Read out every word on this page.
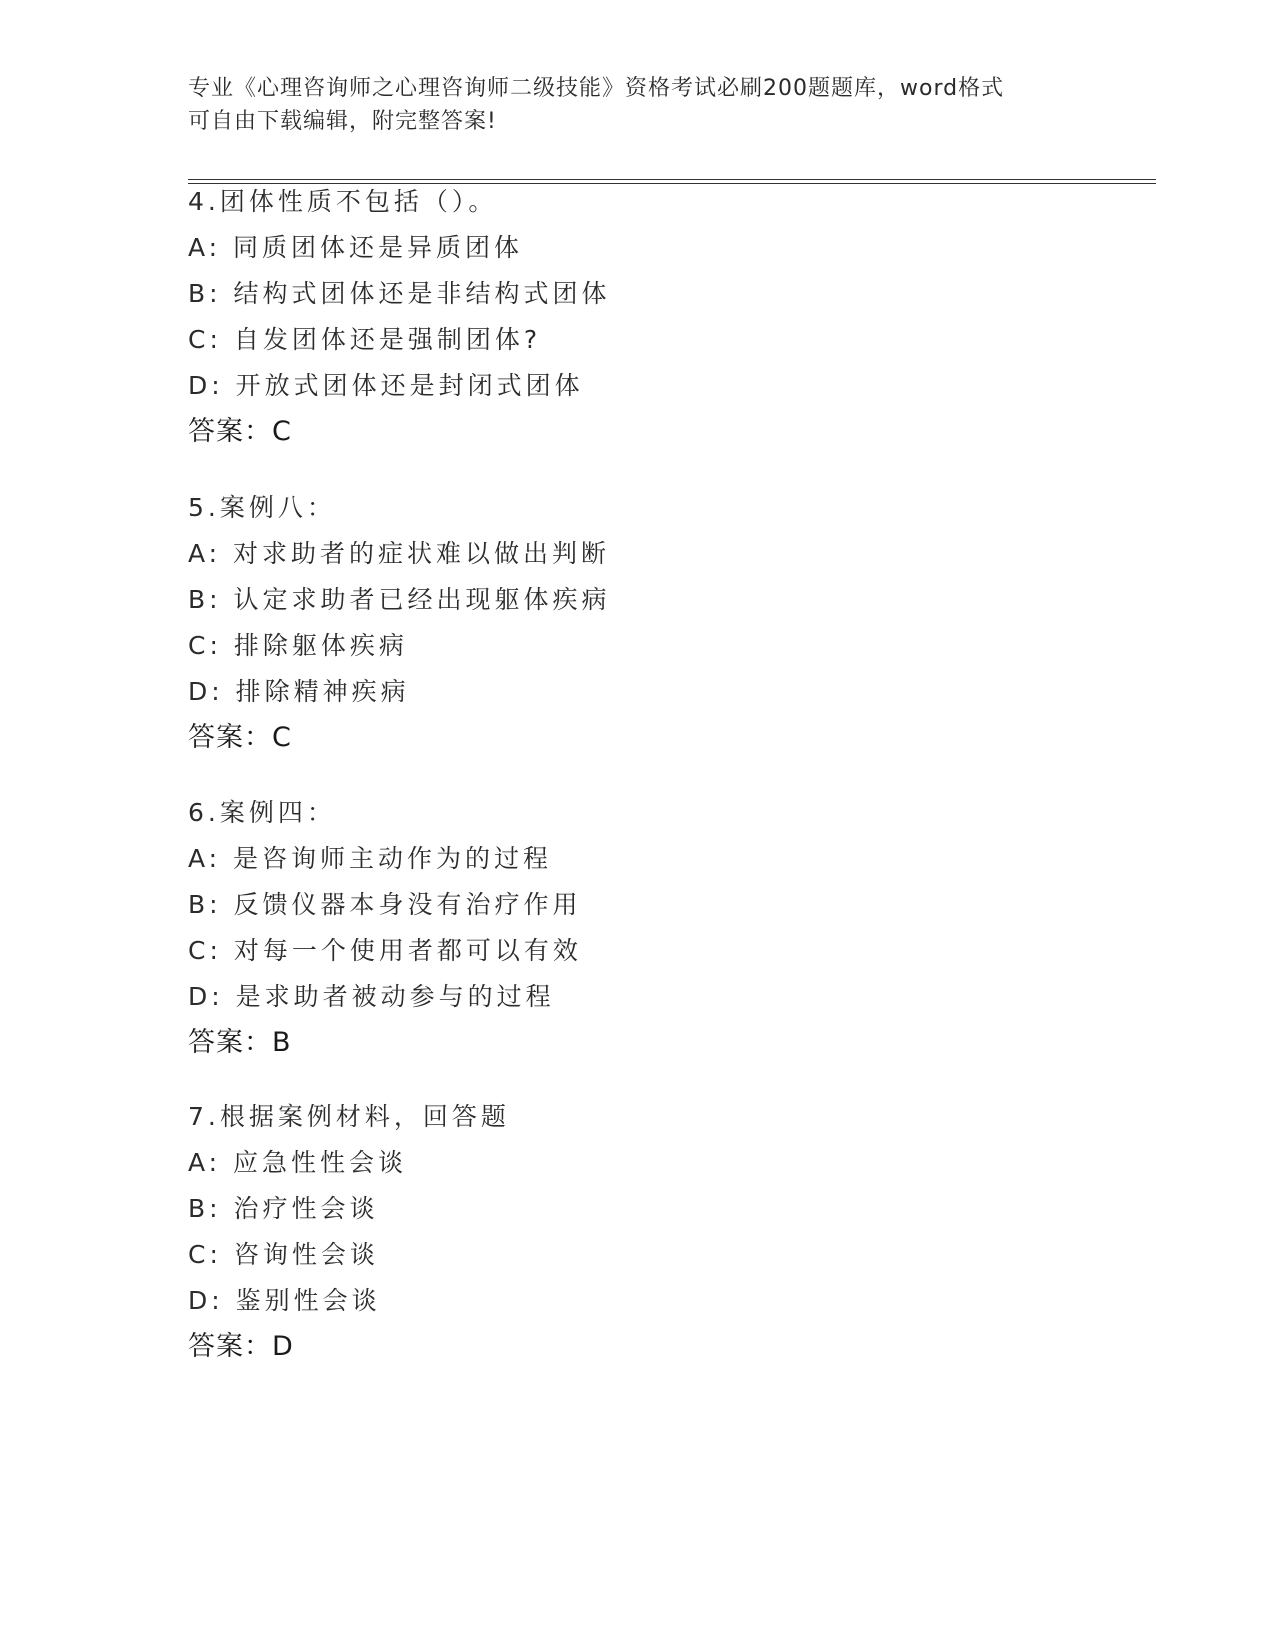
专业《心理咨询师之心理咨询师二级技能》资格考试必刷200题题库，word格式
可自由下载编辑，附完整答案!
4.团体性质不包括（）。
A: 同质团体还是异质团体
B: 结构式团体还是非结构式团体
C: 自发团体还是强制团体?
D: 开放式团体还是封闭式团体
答案：C
5.案例八：
A: 对求助者的症状难以做出判断
B: 认定求助者已经出现躯体疾病
C: 排除躯体疾病
D: 排除精神疾病
答案：C
6.案例四：
A: 是咨询师主动作为的过程
B: 反馈仪器本身没有治疗作用
C: 对每一个使用者都可以有效
D: 是求助者被动参与的过程
答案：B
7.根据案例材料，回答题
A: 应急性性会谈
B: 治疗性会谈
C: 咨询性会谈
D: 鉴别性会谈
答案：D
